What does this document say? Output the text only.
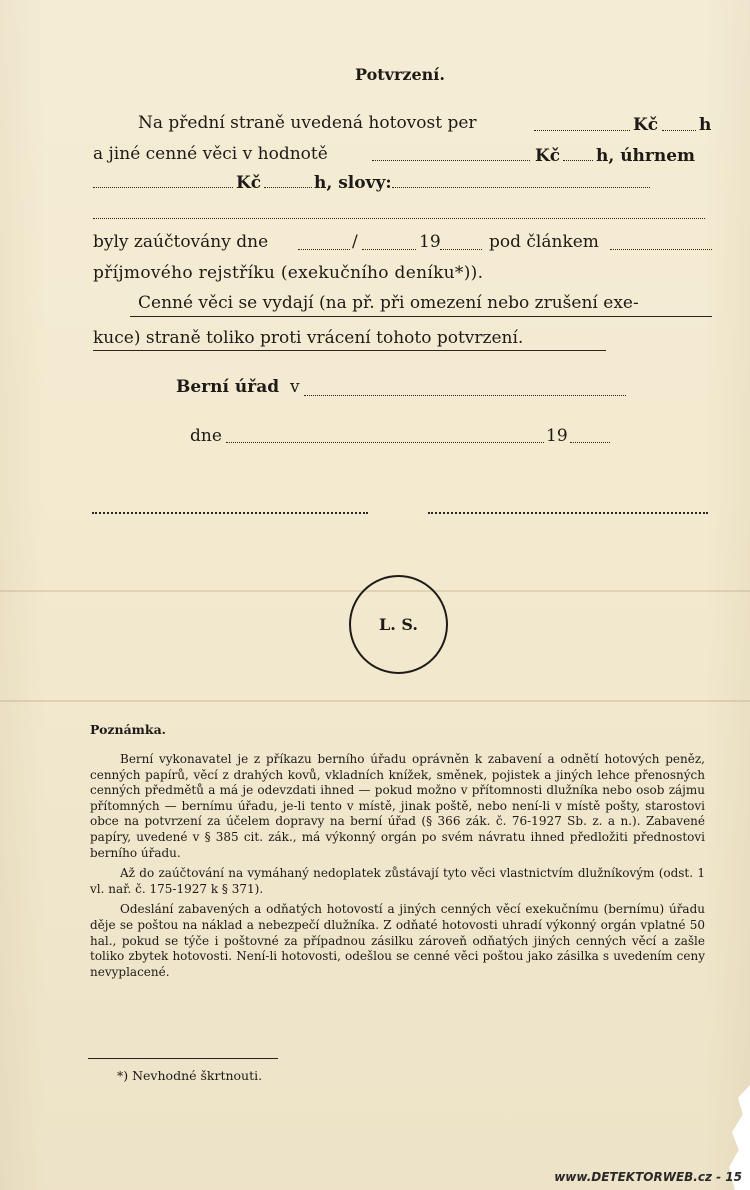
Potvrzení.
Na přední straně uvedená hotovost per	Kč h
a jiné cenné věci v hodnotě	Kč h, úhrnem
Kč	h, slovy:
byly zaúčtovány dne	/	19	pod článkem
příjmového rejstříku (exekučního deníku*)).
Cenné věci se vydají (na př. při omezení nebo zrušení exe-
kuce) straně toliko proti vrácení tohoto potvrzení.
Berní úřad v
dne	19
L. S.
Poznámka.

Berní vykonavatel je z příkazu berního úřadu oprávněn k zabavení a odnětí hotových peněz, cenných papírů, věcí z drahých kovů, vkladních knížek, směnek, pojistek a jiných lehce přenosných cenných předmětů a má je odevzdati ihned — pokud možno v přítomnosti dlužníka nebo osob zájmu přítomných — bernímu úřadu, je-li tento v místě, jinak poště, nebo není-li v místě pošty, starostovi obce na potvrzení za účelem dopravy na berní úřad (§ 366 zák. č. 76-1927 Sb. z. a n.). Zabavené papíry, uvedené v § 385 cit. zák., má výkonný orgán po svém návratu ihned předložiti přednostovi berního úřadu.

Až do zaúčtování na vymáhaný nedoplatek zůstávají tyto věci vlastnictvím dlužníkovým (odst. 1 vl. nař. č. 175-1927 k § 371).

Odeslání zabavených a odňatých hotovostí a jiných cenných věcí exekučnímu (bernímu) úřadu děje se poštou na náklad a nebezpečí dlužníka. Z odňaté hotovosti uhradí výkonný orgán vplatné 50 hal., pokud se týče i poštovné za případnou zásilku zároveň odňatých jiných cenných věcí a zašle toliko zbytek hotovosti. Není-li hotovosti, odešlou se cenné věci poštou jako zásilka s uvedením ceny nevyplacené.

*) Nevhodné škrtnouti.
www.DETEKTORWEB.cz - 15
